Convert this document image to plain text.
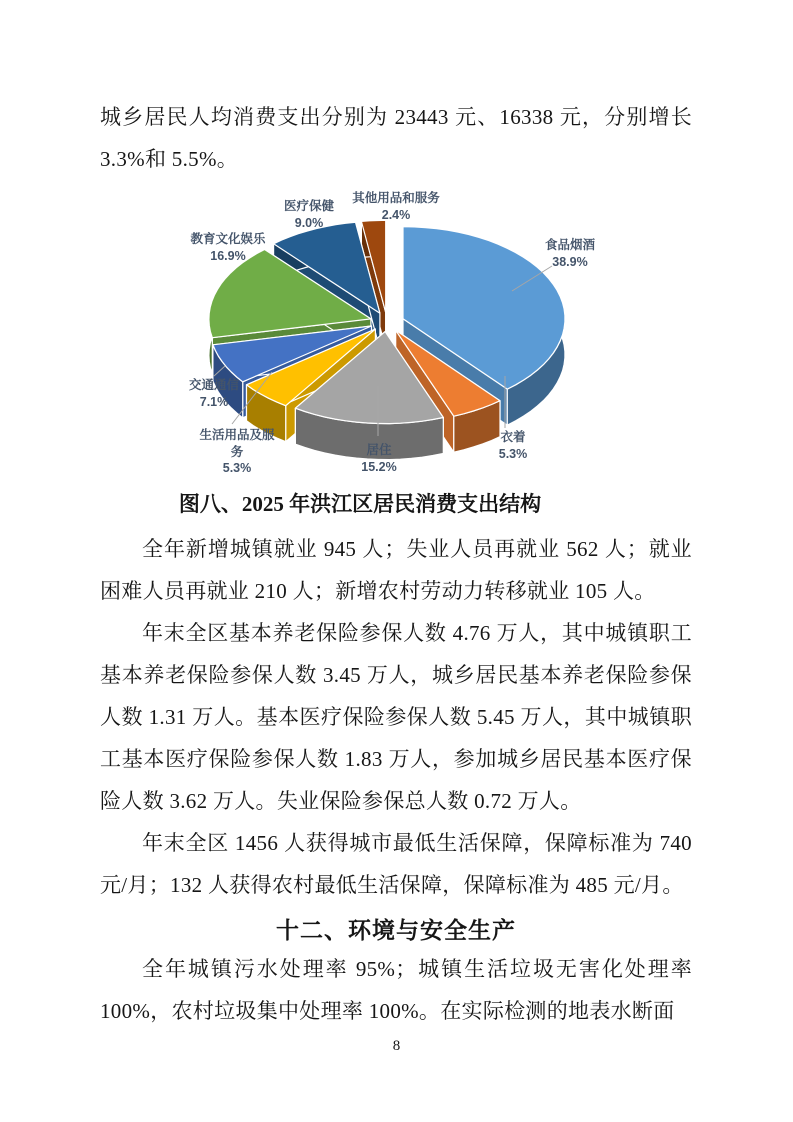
城乡居民人均消费支出分别为 23443 元、16338 元，分别增长 3.3%和 5.5%。

其他用品和服务
2.4%
医疗保健
9.0%
食品烟酒
38.9%
教育文化娱乐
16.9%
交通通信
7.1%
生活用品及服务
5.3%
居住
15.2%
衣着
5.3%
图八、2025 年洪江区居民消费支出结构

全年新增城镇就业 945 人；失业人员再就业 562 人；就业困难人员再就业 210 人；新增农村劳动力转移就业 105 人。

年末全区基本养老保险参保人数 4.76 万人，其中城镇职工基本养老保险参保人数 3.45 万人，城乡居民基本养老保险参保人数 1.31 万人。基本医疗保险参保人数 5.45 万人，其中城镇职工基本医疗保险参保人数 1.83 万人，参加城乡居民基本医疗保险人数 3.62 万人。失业保险参保总人数 0.72 万人。

年末全区 1456 人获得城市最低生活保障，保障标准为 740 元/月；132 人获得农村最低生活保障，保障标准为 485 元/月。

十二、环境与安全生产

全年城镇污水处理率 95%；城镇生活垃圾无害化处理率 100%，农村垃圾集中处理率 100%。在实际检测的地表水断面

8
